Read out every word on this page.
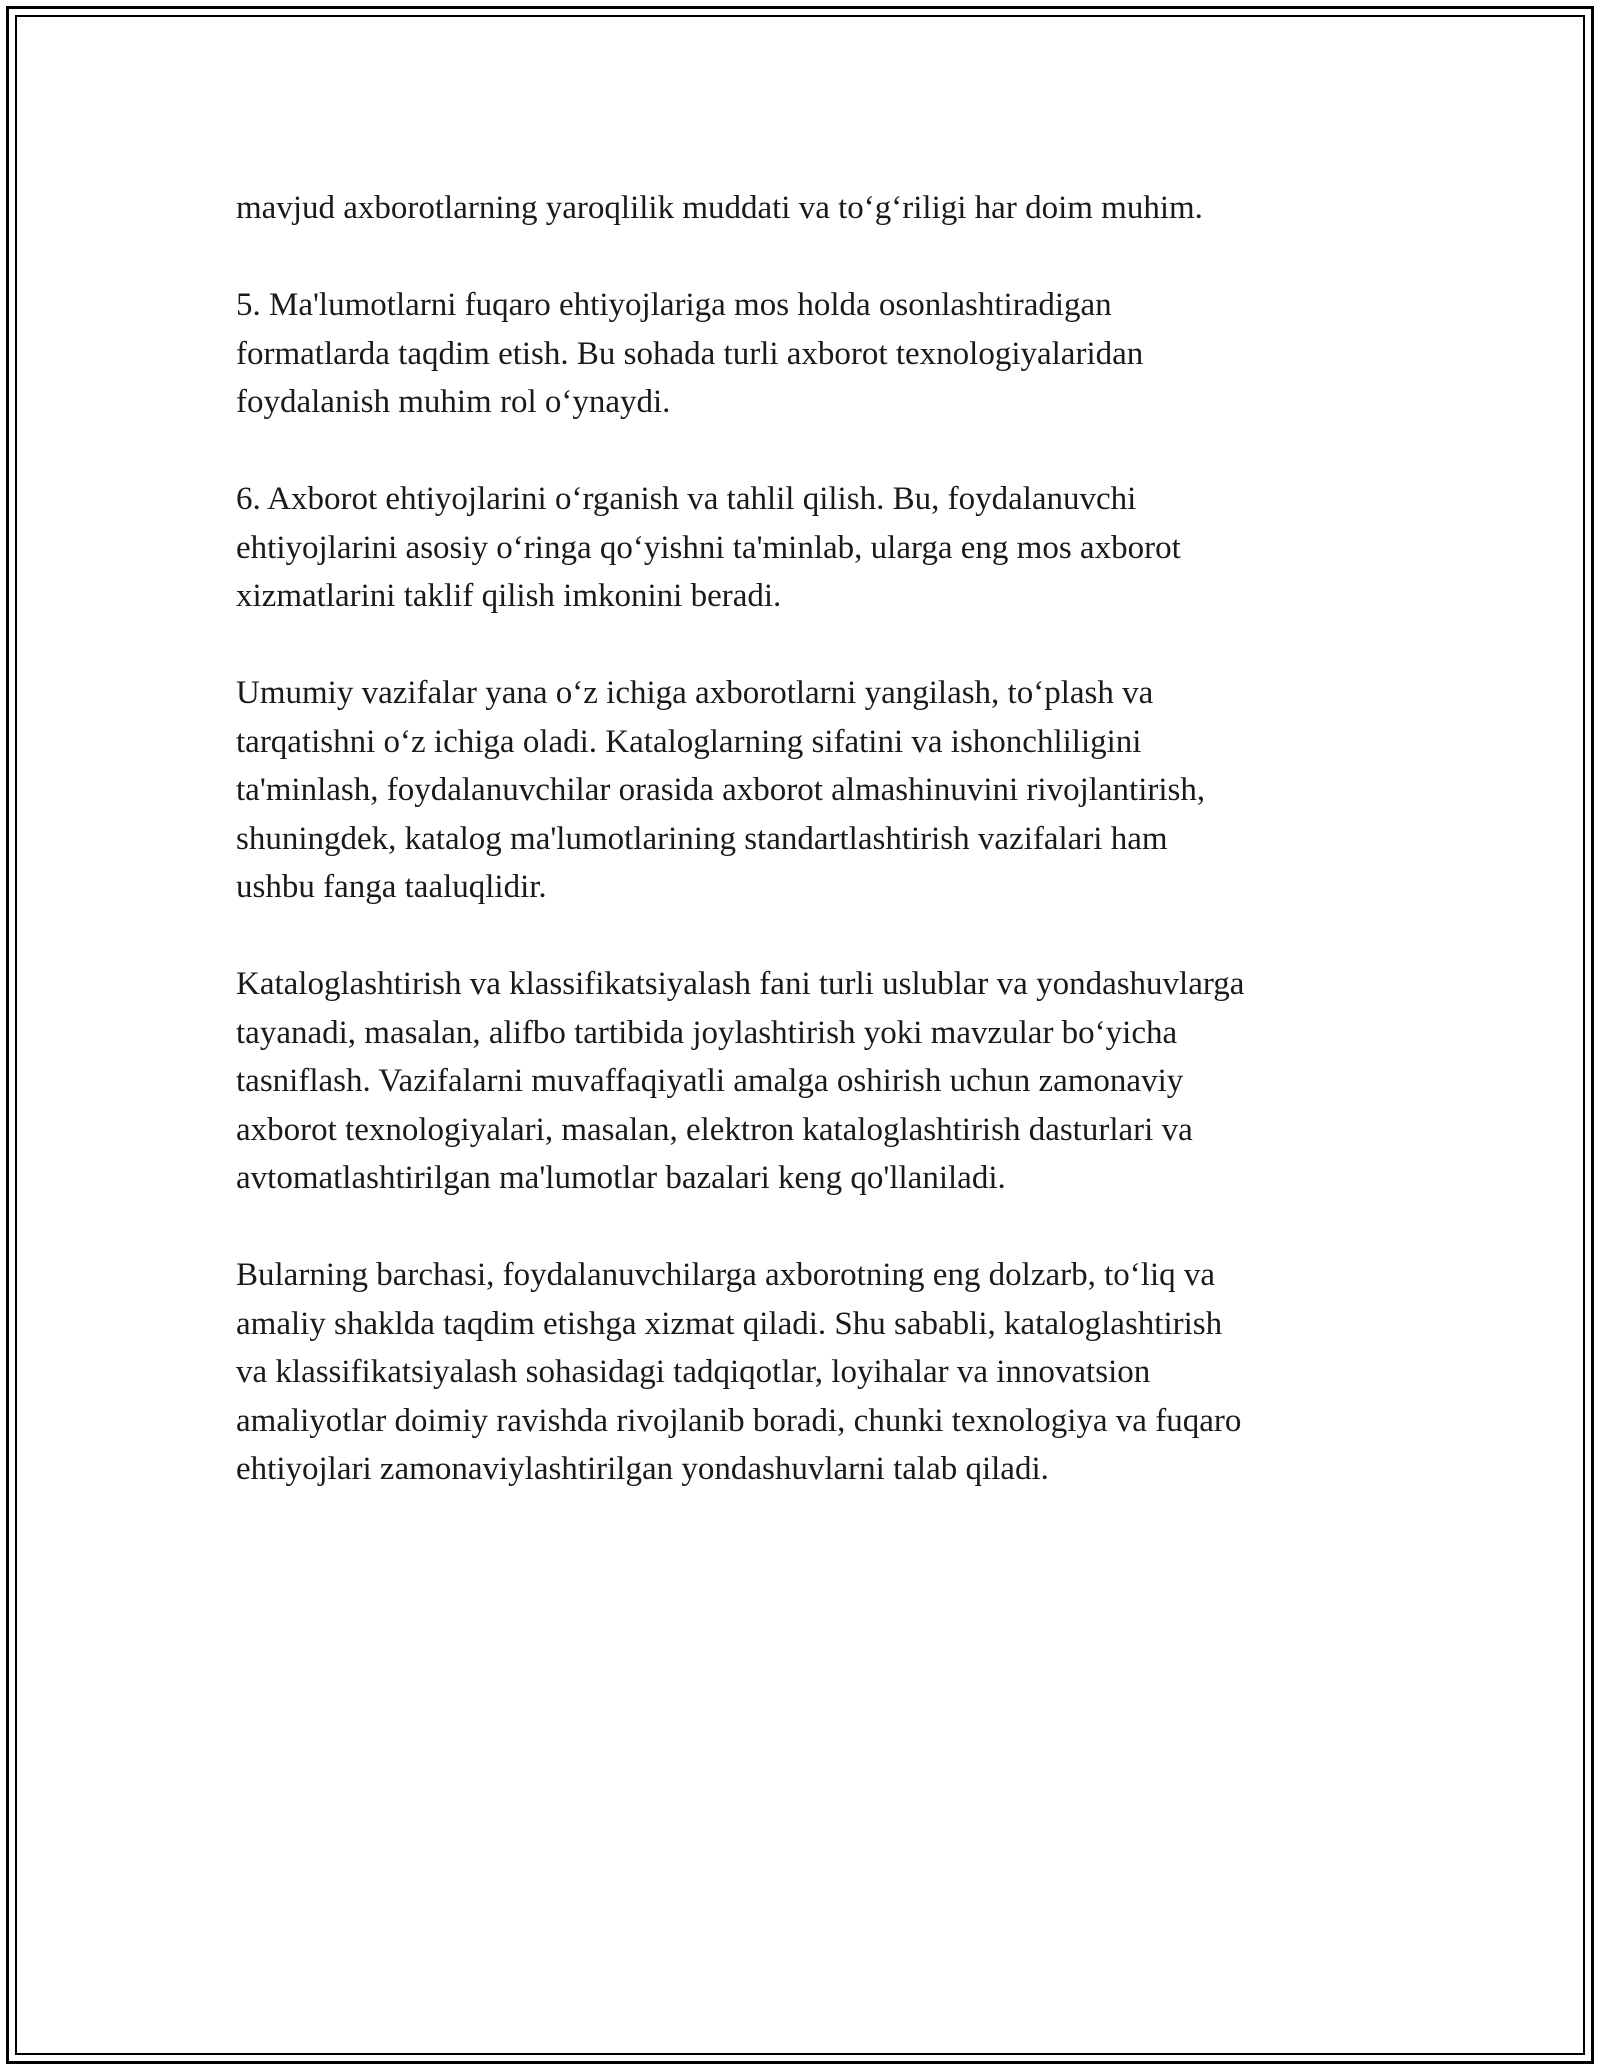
mavjud axborotlarning yaroqlilik muddati va to‘g‘riligi har doim muhim.

5. Ma'lumotlarni fuqaro ehtiyojlariga mos holda osonlashtiradigan
formatlarda taqdim etish. Bu sohada turli axborot texnologiyalaridan
foydalanish muhim rol o‘ynaydi.

6. Axborot ehtiyojlarini o‘rganish va tahlil qilish. Bu, foydalanuvchi
ehtiyojlarini asosiy o‘ringa qo‘yishni ta'minlab, ularga eng mos axborot
xizmatlarini taklif qilish imkonini beradi.

Umumiy vazifalar yana o‘z ichiga axborotlarni yangilash, to‘plash va
tarqatishni o‘z ichiga oladi. Kataloglarning sifatini va ishonchliligini
ta'minlash, foydalanuvchilar orasida axborot almashinuvini rivojlantirish,
shuningdek, katalog ma'lumotlarining standartlashtirish vazifalari ham
ushbu fanga taaluqlidir.

Kataloglashtirish va klassifikatsiyalash fani turli uslublar va yondashuvlarga
tayanadi, masalan, alifbo tartibida joylashtirish yoki mavzular bo‘yicha
tasniflash. Vazifalarni muvaffaqiyatli amalga oshirish uchun zamonaviy
axborot texnologiyalari, masalan, elektron kataloglashtirish dasturlari va
avtomatlashtirilgan ma'lumotlar bazalari keng qo'llaniladi.

Bularning barchasi, foydalanuvchilarga axborotning eng dolzarb, to‘liq va
amaliy shaklda taqdim etishga xizmat qiladi. Shu sababli, kataloglashtirish
va klassifikatsiyalash sohasidagi tadqiqotlar, loyihalar va innovatsion
amaliyotlar doimiy ravishda rivojlanib boradi, chunki texnologiya va fuqaro
ehtiyojlari zamonaviylashtirilgan yondashuvlarni talab qiladi.
